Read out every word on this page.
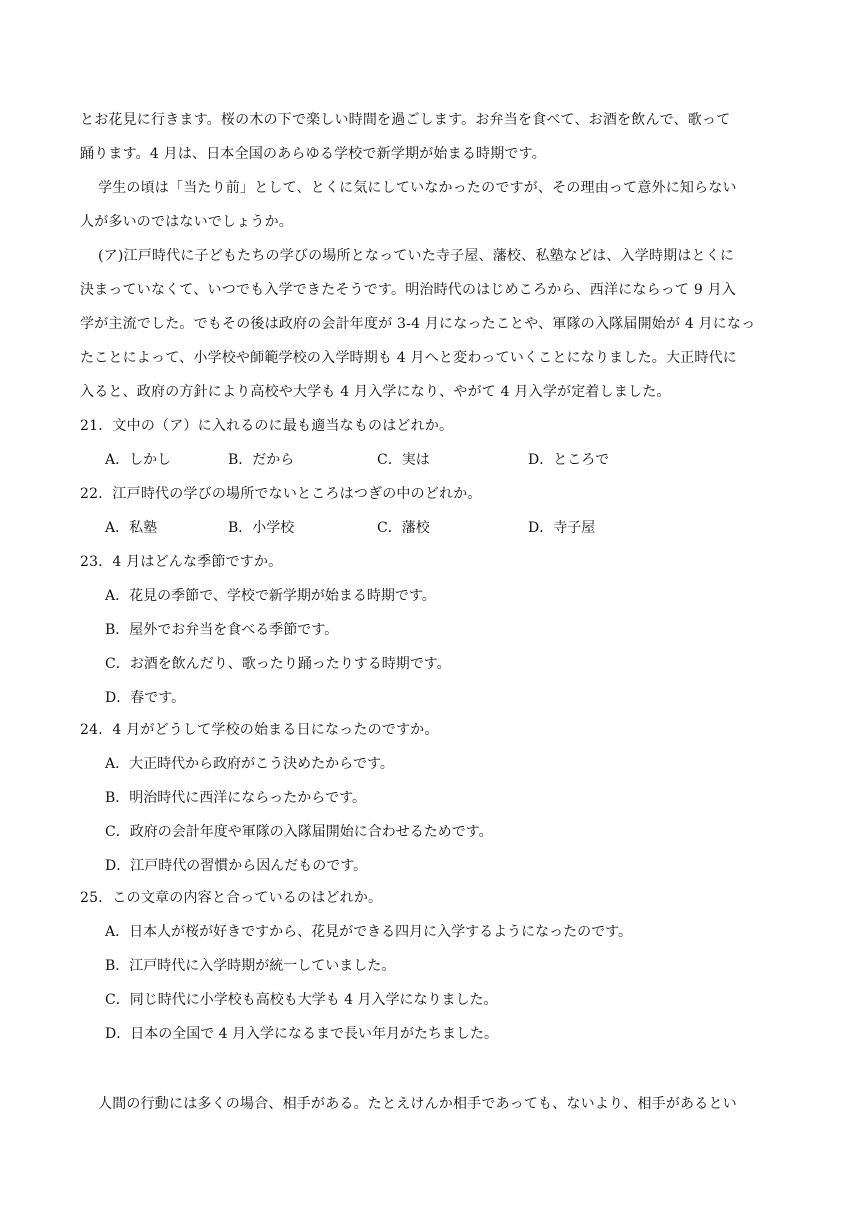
とお花見に行きます。桜の木の下で楽しい時間を過ごします。お弁当を食べて、お酒を飲んで、歌って
踊ります。4 月は、日本全国のあらゆる学校で新学期が始まる時期です。
学生の頃は「当たり前」として、とくに気にしていなかったのですが、その理由って意外に知らない
人が多いのではないでしょうか。
(ア)江戸時代に子どもたちの学びの場所となっていた寺子屋、藩校、私塾などは、入学時期はとくに
決まっていなくて、いつでも入学できたそうです。明治時代のはじめころから、西洋にならって 9 月入
学が主流でした。でもその後は政府の会計年度が 3-4 月になったことや、軍隊の入隊届開始が 4 月になっ
たことによって、小学校や師範学校の入学時期も 4 月へと変わっていくことになりました。大正時代に
入ると、政府の方針により高校や大学も 4 月入学になり、やがて 4 月入学が定着しました。
21．文中の（ア）に入れるのに最も適当なものはどれか。
A．しかし	B．だから	C．実は	D．ところで
22．江戸時代の学びの場所でないところはつぎの中のどれか。
A．私塾	B．小学校	C．藩校	D．寺子屋
23．4 月はどんな季節ですか。
A．花見の季節で、学校で新学期が始まる時期です。
B．屋外でお弁当を食べる季節です。
C．お酒を飲んだり、歌ったり踊ったりする時期です。
D．春です。
24．4 月がどうして学校の始まる日になったのですか。
A．大正時代から政府がこう決めたからです。
B．明治時代に西洋にならったからです。
C．政府の会計年度や軍隊の入隊届開始に合わせるためです。
D．江戸時代の習慣から因んだものです。
25．この文章の内容と合っているのはどれか。
A．日本人が桜が好きですから、花見ができる四月に入学するようになったのです。
B．江戸時代に入学時期が統一していました。
C．同じ時代に小学校も高校も大学も 4 月入学になりました。
D．日本の全国で 4 月入学になるまで長い年月がたちました。
人間の行動には多くの場合、相手がある。たとえけんか相手であっても、ないより、相手があるとい
